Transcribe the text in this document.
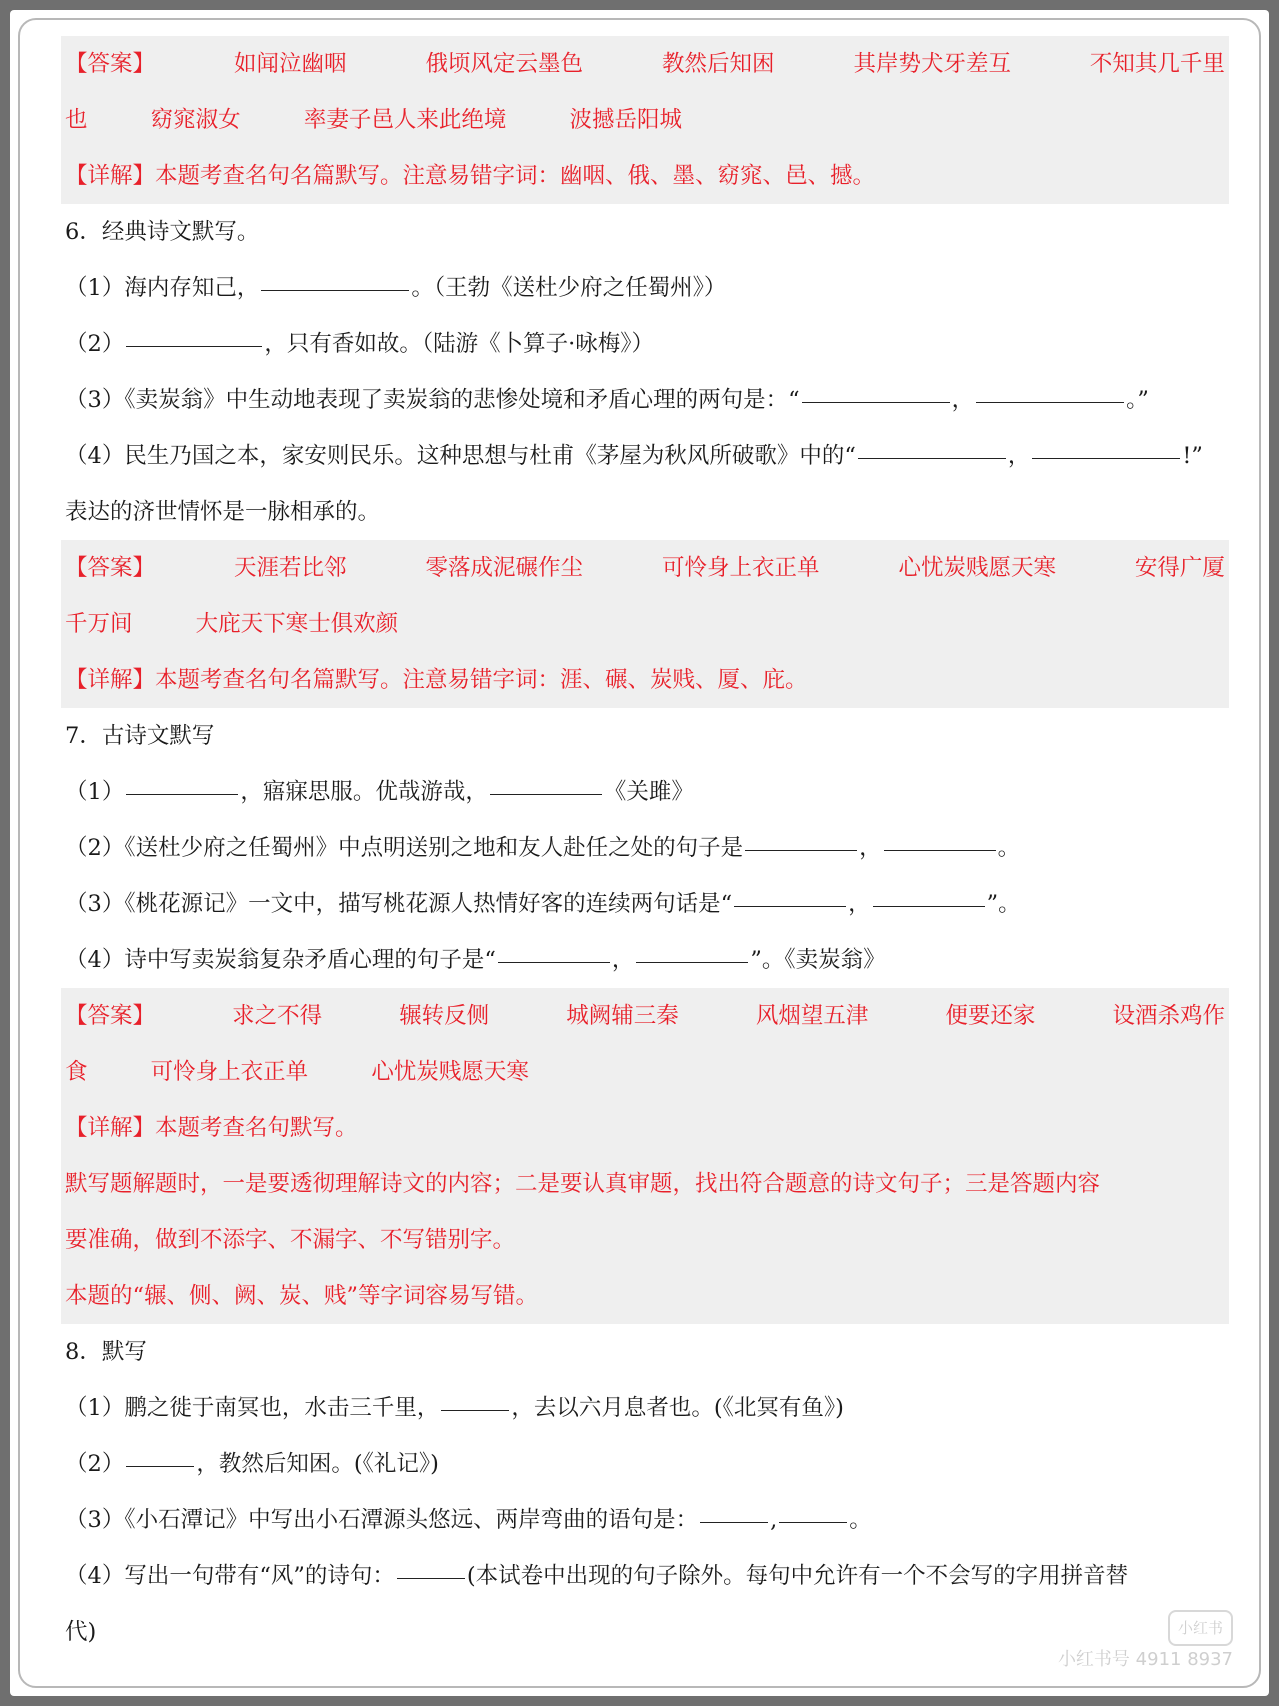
【答案】	如闻泣幽咽	俄顷风定云墨色	教然后知困	其岸势犬牙差互	不知其几千里
也	窈窕淑女	率妻子邑人来此绝境	波撼岳阳城
【详解】本题考查名句名篇默写。注意易错字词：幽咽、俄、墨、窈窕、邑、撼。
6．经典诗文默写。
（1）海内存知己，	。（王勃《送杜少府之任蜀州》）
（2）	，只有香如故。（陆游《卜算子·咏梅》）
（3）《卖炭翁》中生动地表现了卖炭翁的悲惨处境和矛盾心理的两句是：“	，	。”
（4）民生乃国之本，家安则民乐。这种思想与杜甫《茅屋为秋风所破歌》中的“	，	!”
表达的济世情怀是一脉相承的。
【答案】	天涯若比邻	零落成泥碾作尘	可怜身上衣正单	心忧炭贱愿天寒	安得广厦
千万间	大庇天下寒士俱欢颜
【详解】本题考查名句名篇默写。注意易错字词：涯、碾、炭贱、厦、庇。
7．古诗文默写
（1）	，寤寐思服。优哉游哉，	《关雎》
（2）《送杜少府之任蜀州》中点明送别之地和友人赴任之处的句子是	，	。
（3）《桃花源记》一文中，描写桃花源人热情好客的连续两句话是“	，	”。
（4）诗中写卖炭翁复杂矛盾心理的句子是“	，	”。《卖炭翁》
【答案】	求之不得	辗转反侧	城阙辅三秦	风烟望五津	便要还家	设酒杀鸡作
食	可怜身上衣正单	心忧炭贱愿天寒
【详解】本题考查名句默写。
默写题解题时，一是要透彻理解诗文的内容；二是要认真审题，找出符合题意的诗文句子；三是答题内容
要准确，做到不添字、不漏字、不写错别字。
本题的“辗、侧、阙、炭、贱”等字词容易写错。
8．默写
（1）鹏之徙于南冥也，水击三千里，	，去以六月息者也。(《北冥有鱼》)
（2）	，教然后知困。(《礼记》)
（3）《小石潭记》中写出小石潭源头悠远、两岸弯曲的语句是：	,	。
（4）写出一句带有“风”的诗句：	(本试卷中出现的句子除外。每句中允许有一个不会写的字用拼音替
代)	小红书
小红书号 4911 8937
